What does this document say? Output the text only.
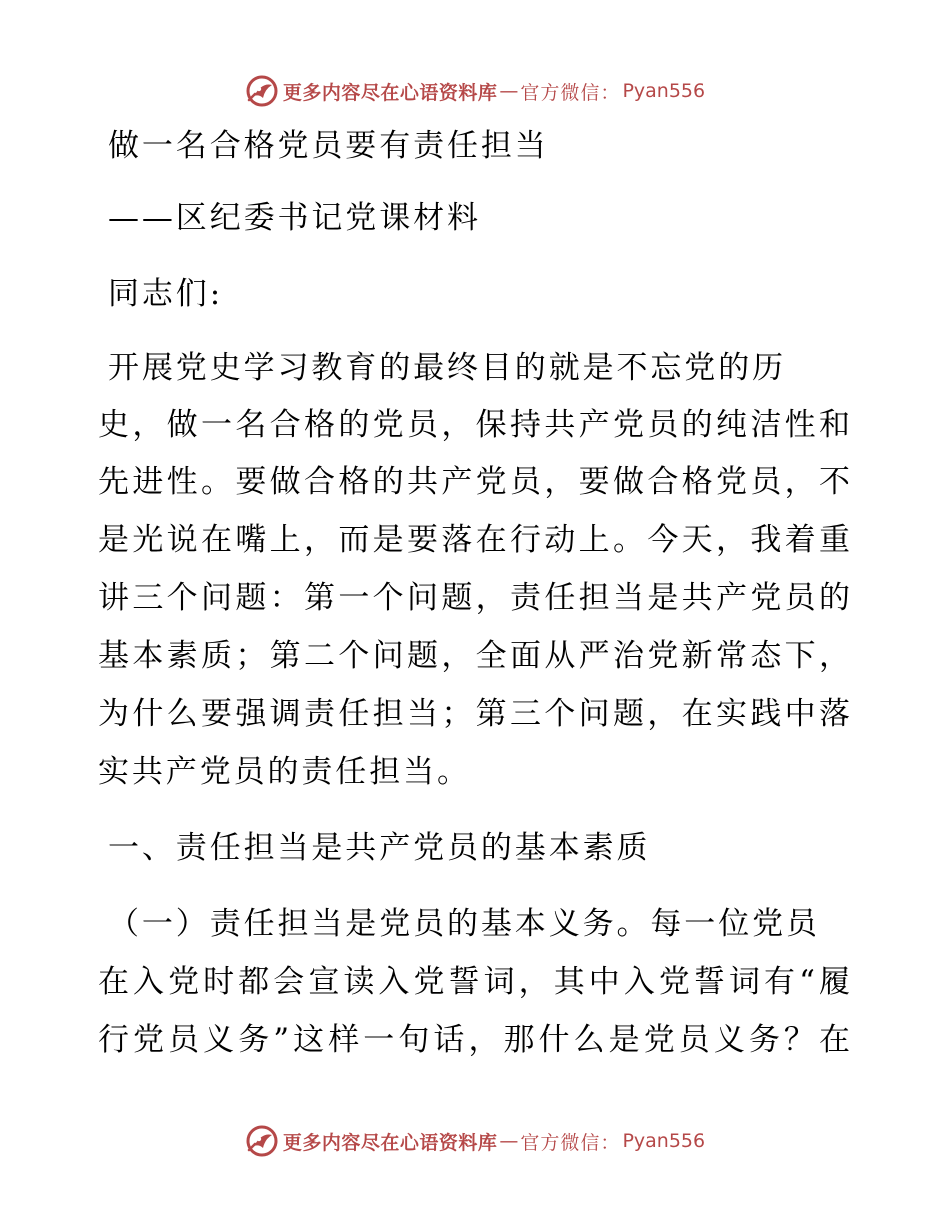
更多内容尽在心语资料库 — 官方微信： Pyan556
做一名合格党员要有责任担当
——区纪委书记党课材料
同志们:
开展党史学习教育的最终目的就是不忘党的历
史，做一名合格的党员，保持共产党员的纯洁性和
先进性。要做合格的共产党员，要做合格党员，不
是光说在嘴上，而是要落在行动上。今天，我着重
讲三个问题：第一个问题，责任担当是共产党员的
基本素质；第二个问题，全面从严治党新常态下，
为什么要强调责任担当；第三个问题，在实践中落
实共产党员的责任担当。
一、责任担当是共产党员的基本素质
（一）责任担当是党员的基本义务。每一位党员
在入党时都会宣读入党誓词，其中入党誓词有“履
行党员义务”这样一句话，那什么是党员义务？在
更多内容尽在心语资料库 — 官方微信： Pyan556
